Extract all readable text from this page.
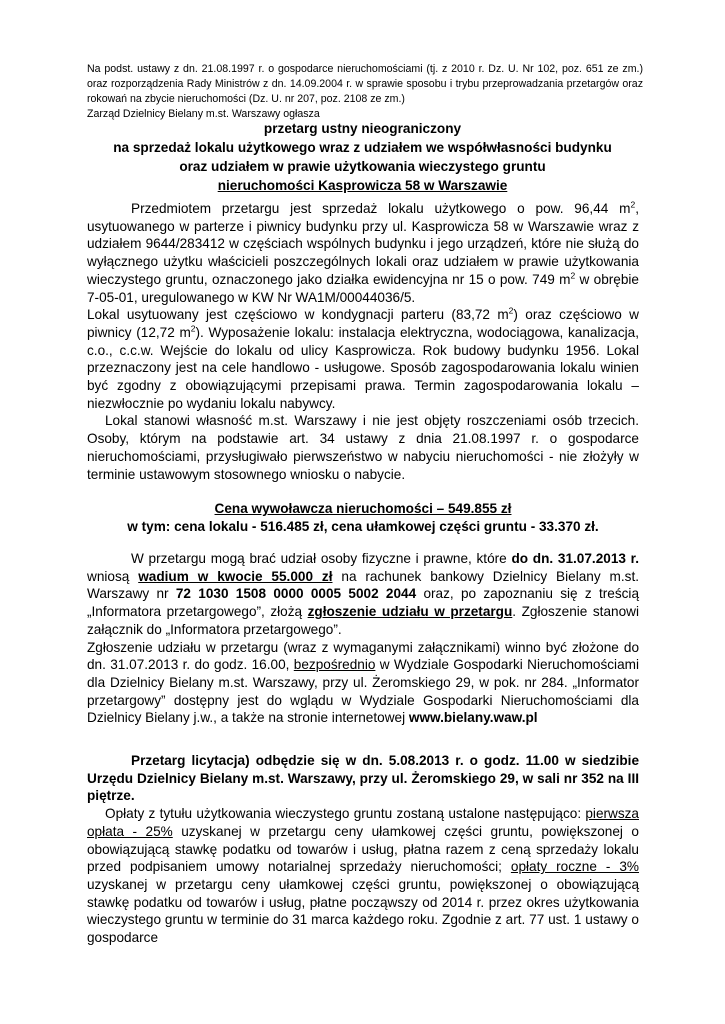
Na podst. ustawy z dn. 21.08.1997 r. o gospodarce nieruchomościami (tj. z 2010 r. Dz. U. Nr 102, poz. 651 ze zm.) oraz rozporządzenia Rady Ministrów z dn. 14.09.2004 r. w sprawie sposobu i trybu przeprowadzania przetargów oraz rokowań na zbycie nieruchomości (Dz. U. nr 207, poz. 2108 ze zm.)
Zarząd Dzielnicy Bielany m.st. Warszawy ogłasza

przetarg ustny nieograniczony

na sprzedaż lokalu użytkowego wraz z udziałem we współwłasności budynku

oraz udziałem w prawie użytkowania wieczystego gruntu

nieruchomości Kasprowicza 58 w Warszawie

Przedmiotem przetargu jest sprzedaż lokalu użytkowego o pow. 96,44 $m^2$, usytuowanego w parterze i piwnicy budynku przy ul. Kasprowicza 58 w Warszawie wraz z udziałem 9644/283412 w częściach wspólnych budynku i jego urządzeń, które nie służą do wyłącznego użytku właścicieli poszczególnych lokali oraz udziałem w prawie użytkowania wieczystego gruntu, oznaczonego jako działka ewidencyjna nr 15 o pow. 749 $m^2$ w obrębie 7-05-01, uregulowanego w KW Nr WA1M/00044036/5.

Lokal usytuowany jest częściowo w kondygnacji parteru (83,72 $m^2$) oraz częściowo w piwnicy (12,72 $m^2$). Wyposażenie lokalu: instalacja elektryczna, wodociągowa, kanalizacja, c.o., c.c.w. Wejście do lokalu od ulicy Kasprowicza. Rok budowy budynku 1956. Lokal przeznaczony jest na cele handlowo - usługowe. Sposób zagospodarowania lokalu winien być zgodny z obowiązującymi przepisami prawa. Termin zagospodarowania lokalu – niezwłocznie po wydaniu lokalu nabywcy.

Lokal stanowi własność m.st. Warszawy i nie jest objęty roszczeniami osób trzecich. Osoby, którym na podstawie art. 34 ustawy z dnia 21.08.1997 r. o gospodarce nieruchomościami, przysługiwało pierwszeństwo w nabyciu nieruchomości - nie złożyły w terminie ustawowym stosownego wniosku o nabycie.

Cena wywoławcza nieruchomości – 549.855 zł

w tym: cena lokalu - 516.485 zł, cena ułamkowej części gruntu - 33.370 zł.

W przetargu mogą brać udział osoby fizyczne i prawne, które do dn. 31.07.2013 r. wniosą wadium w kwocie 55.000 zł na rachunek bankowy Dzielnicy Bielany m.st. Warszawy nr 72 1030 1508 0000 0005 5002 2044 oraz, po zapoznaniu się z treścią „Informatora przetargowego”, złożą zgłoszenie udziału w przetargu. Zgłoszenie stanowi załącznik do „Informatora przetargowego”.

Zgłoszenie udziału w przetargu (wraz z wymaganymi załącznikami) winno być złożone do dn. 31.07.2013 r. do godz. 16.00, bezpośrednio w Wydziale Gospodarki Nieruchomościami dla Dzielnicy Bielany m.st. Warszawy, przy ul. Żeromskiego 29, w pok. nr 284. „Informator przetargowy” dostępny jest do wglądu w Wydziale Gospodarki Nieruchomościami dla Dzielnicy Bielany j.w., a także na stronie internetowej www.bielany.waw.pl

Przetarg licytacja) odbędzie się w dn. 5.08.2013 r. o godz. 11.00 w siedzibie Urzędu Dzielnicy Bielany m.st. Warszawy, przy ul. Żeromskiego 29, w sali nr 352 na III piętrze.

Opłaty z tytułu użytkowania wieczystego gruntu zostaną ustalone następująco: pierwsza opłata - 25% uzyskanej w przetargu ceny ułamkowej części gruntu, powiększonej o obowiązującą stawkę podatku od towarów i usług, płatna razem z ceną sprzedaży lokalu przed podpisaniem umowy notarialnej sprzedaży nieruchomości; opłaty roczne - 3% uzyskanej w przetargu ceny ułamkowej części gruntu, powiększonej o obowiązującą stawkę podatku od towarów i usług, płatne począwszy od 2014 r. przez okres użytkowania wieczystego gruntu w terminie do 31 marca każdego roku. Zgodnie z art. 77 ust. 1 ustawy o gospodarce
